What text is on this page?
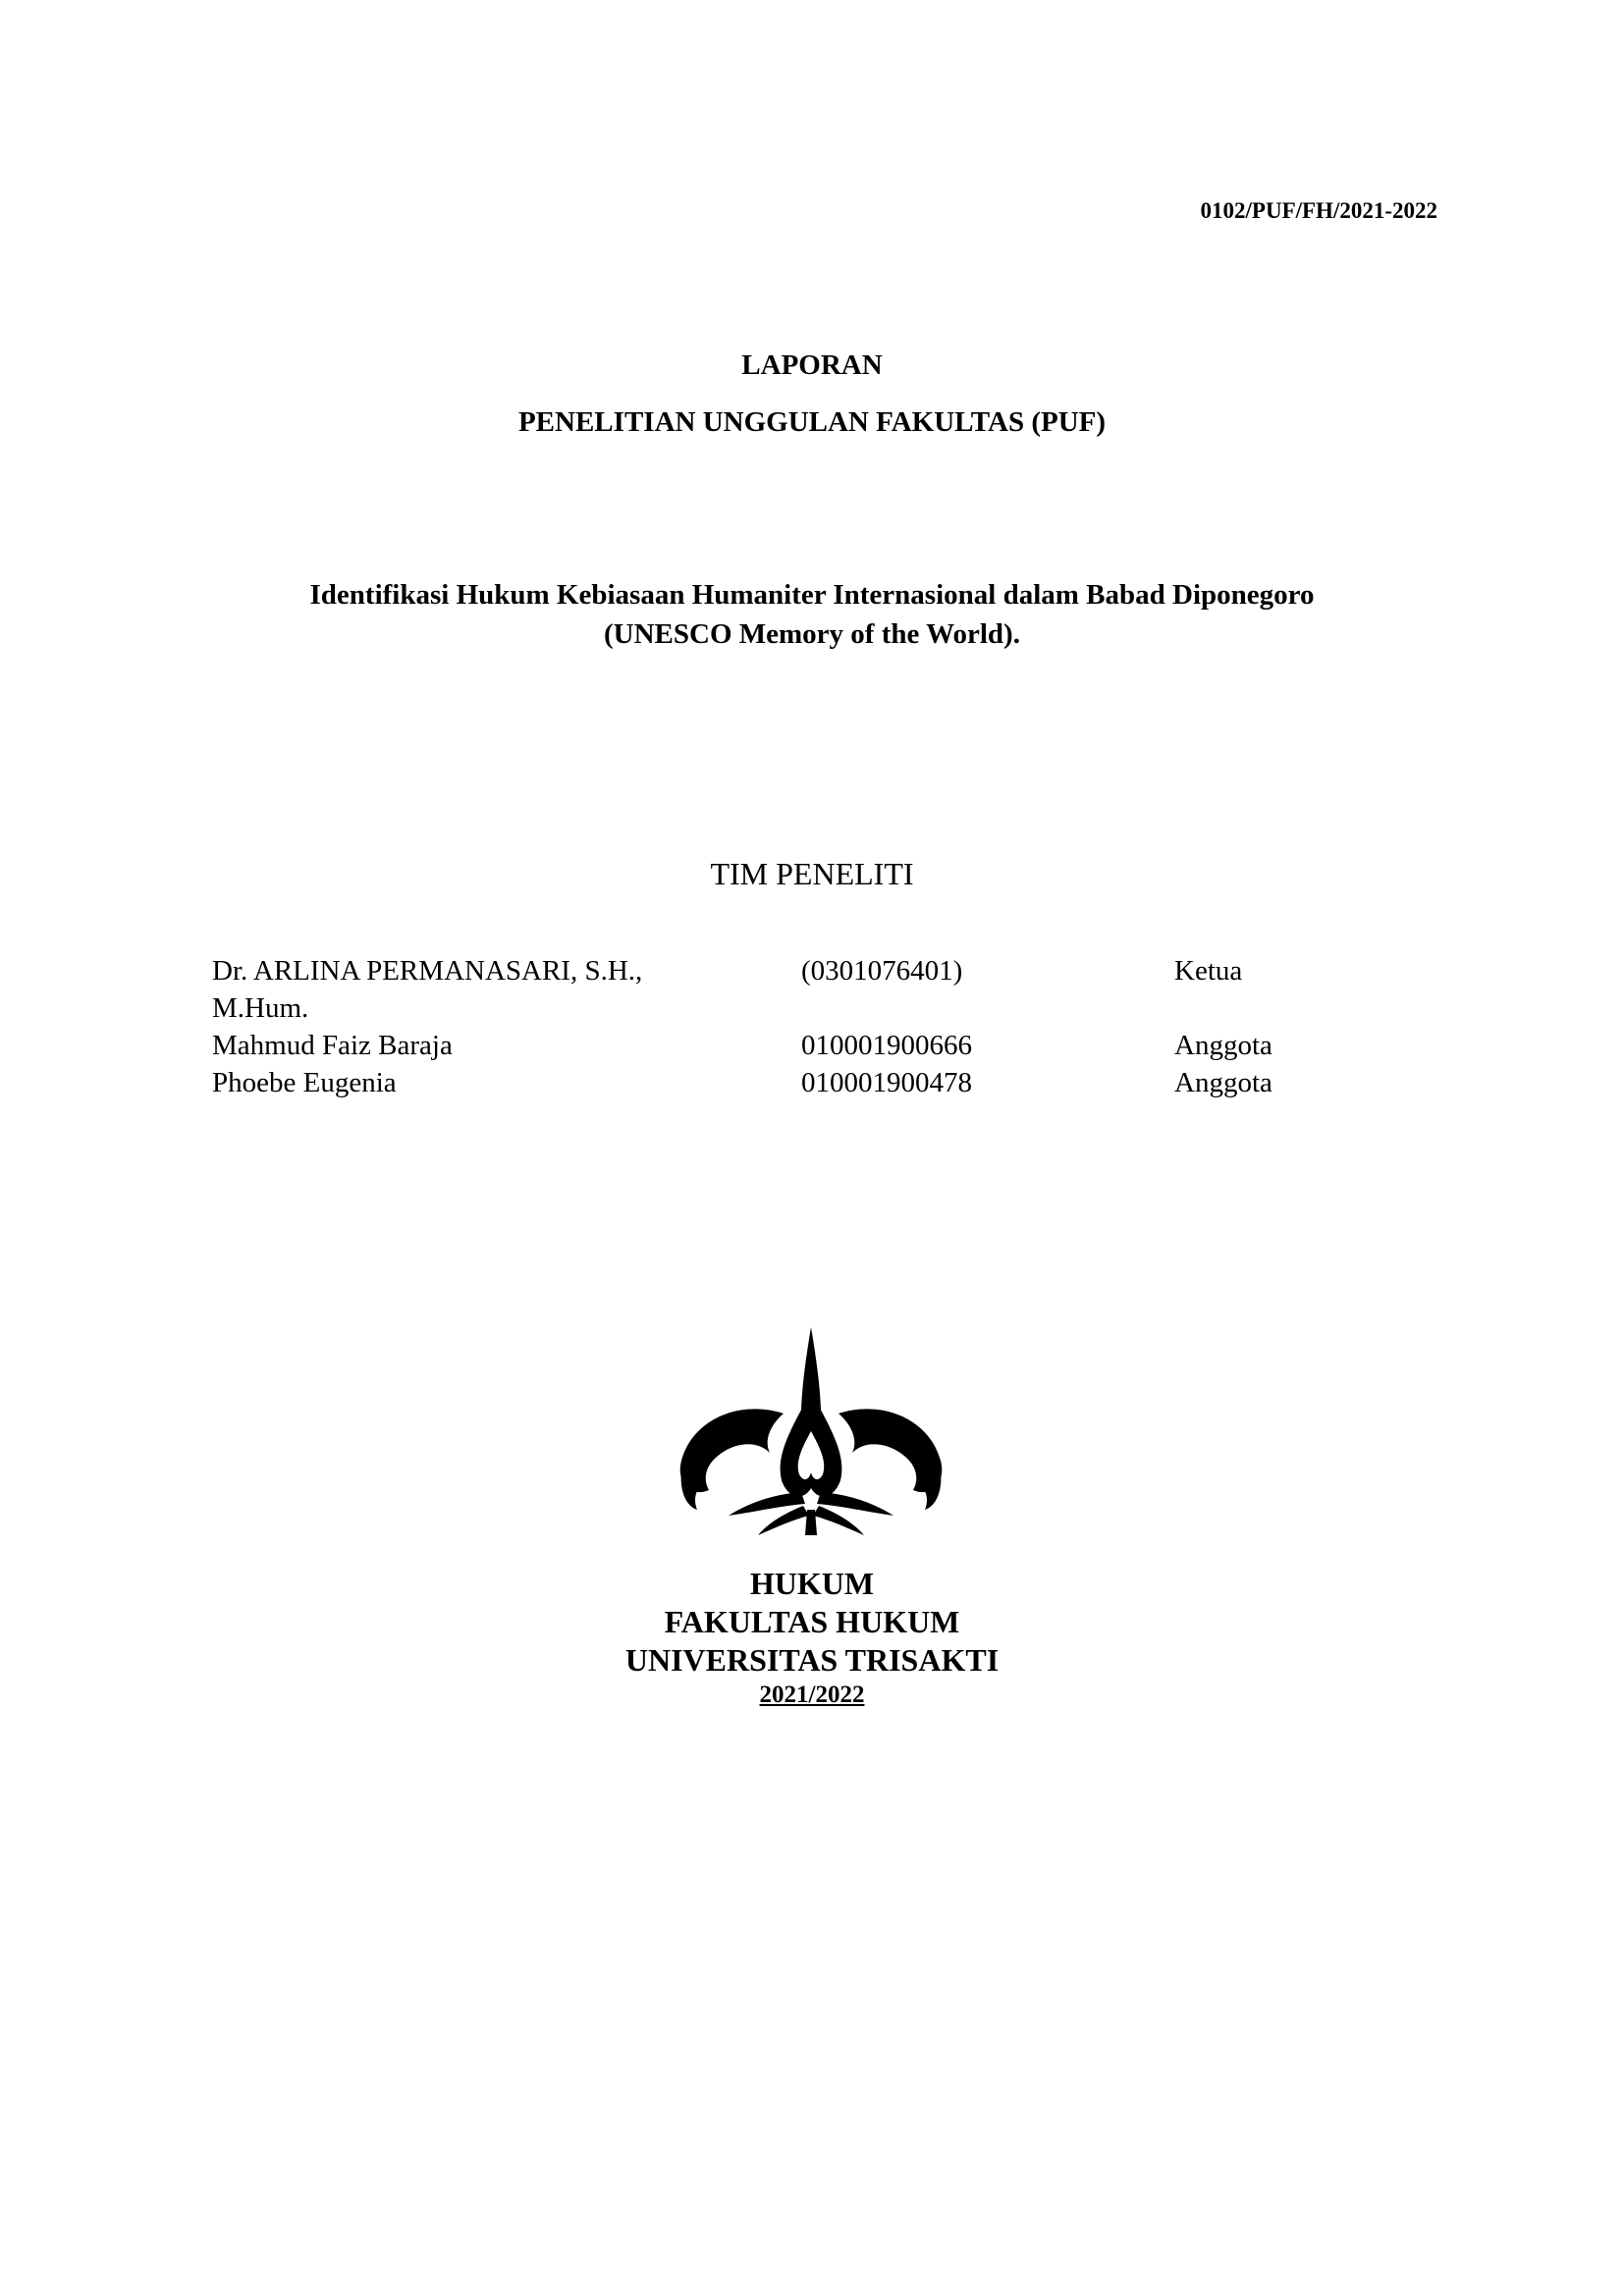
0102/PUF/FH/2021-2022
LAPORAN
PENELITIAN UNGGULAN FAKULTAS (PUF)
Identifikasi Hukum Kebiasaan Humaniter Internasional dalam Babad Diponegoro
(UNESCO Memory of the World).
TIM PENELITI
Dr. ARLINA PERMANASARI, S.H.,
M.Hum.
(0301076401)	Ketua
Mahmud Faiz Baraja	010001900666	Anggota
Phoebe Eugenia	010001900478	Anggota
HUKUM
FAKULTAS HUKUM
UNIVERSITAS TRISAKTI
2021/2022
